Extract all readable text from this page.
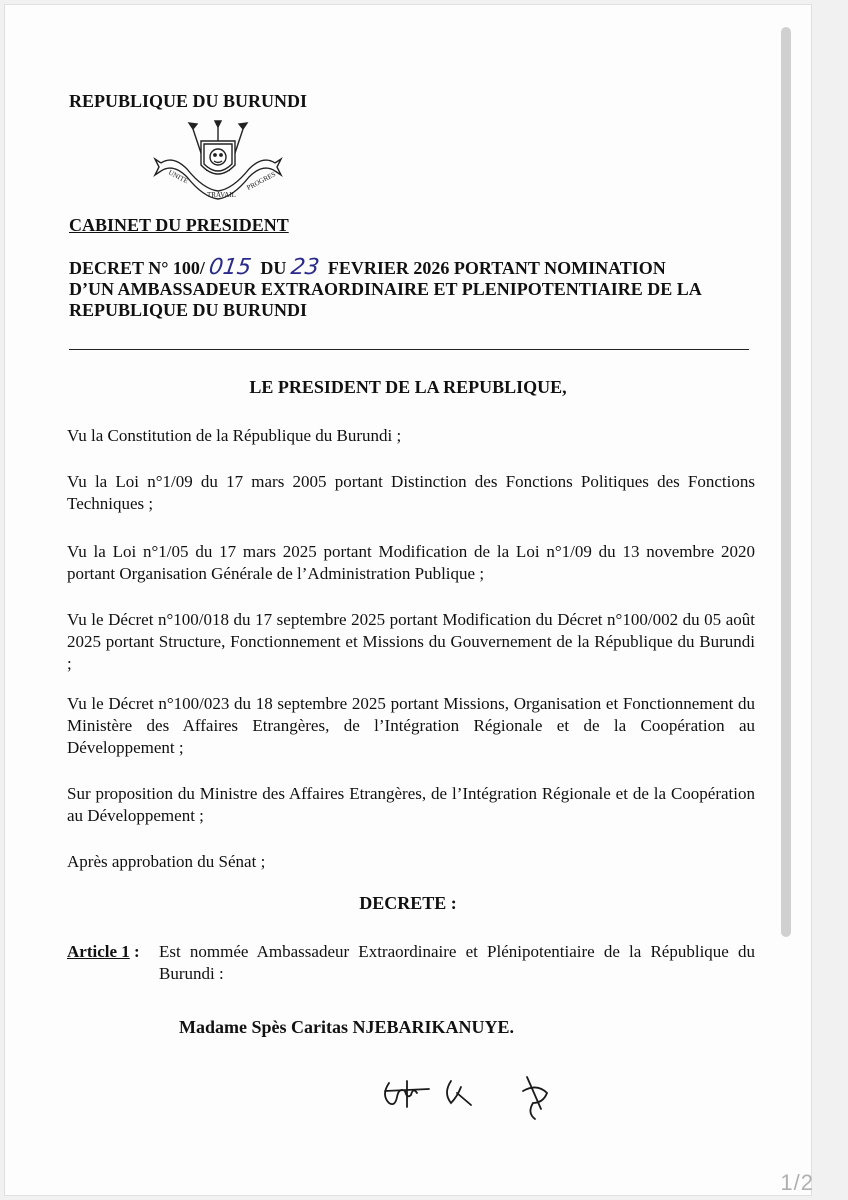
REPUBLIQUE DU BURUNDI
UNITE
TRAVAIL
PROGRES
CABINET DU PRESIDENT
DECRET N° 100/ 015 DU 23 FEVRIER 2026 PORTANT NOMINATION
D’UN AMBASSADEUR EXTRAORDINAIRE ET PLENIPOTENTIAIRE DE LA
REPUBLIQUE DU BURUNDI
LE PRESIDENT DE LA REPUBLIQUE,
Vu la Constitution de la République du Burundi ;
Vu la Loi n°1/09 du 17 mars 2005 portant Distinction des Fonctions Politiques des Fonctions Techniques ;
Vu la Loi n°1/05 du 17 mars 2025 portant Modification de la Loi n°1/09 du 13 novembre 2020 portant Organisation Générale de l’Administration Publique ;
Vu le Décret n°100/018 du 17 septembre 2025 portant Modification du Décret n°100/002 du 05 août 2025 portant Structure, Fonctionnement et Missions du Gouvernement de la République du Burundi ;
Vu le Décret n°100/023 du 18 septembre 2025 portant Missions, Organisation et Fonctionnement du Ministère des Affaires Etrangères, de l’Intégration Régionale et de la Coopération au Développement ;
Sur proposition du Ministre des Affaires Etrangères, de l’Intégration Régionale et de la Coopération au Développement ;
Après approbation du Sénat ;
DECRETE :
Article 1 : Est nommée Ambassadeur Extraordinaire et Plénipotentiaire de la République du Burundi :
Madame Spès Caritas NJEBARIKANUYE.
1/2
